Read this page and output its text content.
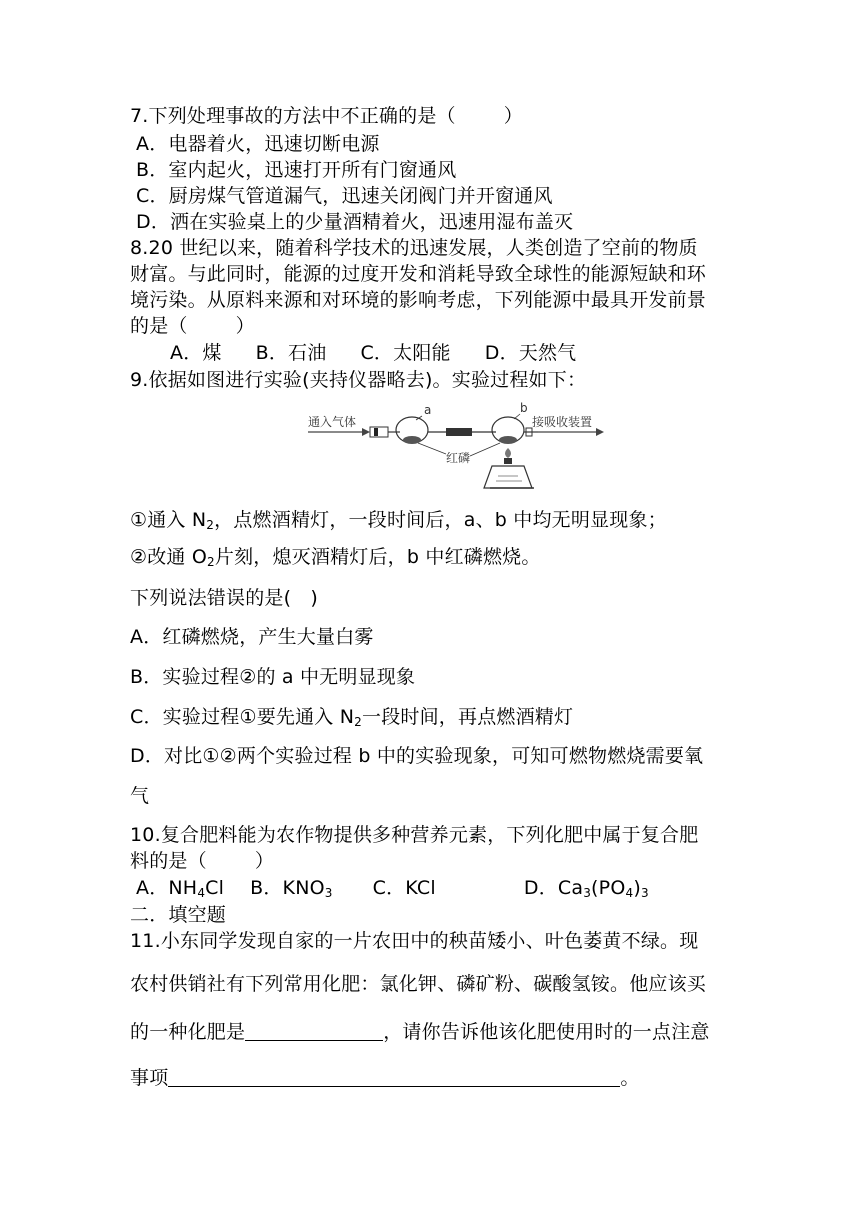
7.下列处理事故的方法中不正确的是（	）
A．电器着火，迅速切断电源
B．室内起火，迅速打开所有门窗通风
C．厨房煤气管道漏气，迅速关闭阀门并开窗通风
D．洒在实验桌上的少量酒精着火，迅速用湿布盖灭
8.20 世纪以来，随着科学技术的迅速发展，人类创造了空前的物质
财富。与此同时，能源的过度开发和消耗导致全球性的能源短缺和环
境污染。从原料来源和对环境的影响考虑，下列能源中最具开发前景
的是（	）
A．煤 B．石油 C．太阳能 D．天然气
9.依据如图进行实验(夹持仪器略去)。实验过程如下：
通入气体
a	b
接吸收装置
红磷
①通入 $N_2$，点燃酒精灯，一段时间后，a、b 中均无明显现象；
②改通 $O_2$片刻，熄灭酒精灯后，b 中红磷燃烧。
下列说法错误的是(　)
A．红磷燃烧，产生大量白雾
B．实验过程②的 a 中无明显现象
C．实验过程①要先通入 $N_2$一段时间，再点燃酒精灯
D．对比①②两个实验过程 b 中的实验现象，可知可燃物燃烧需要氧
气
10.复合肥料能为农作物提供多种营养元素，下列化肥中属于复合肥
料的是（	）
A．$NH_4Cl$ B．$KNO_3$ C．KCl	D．$Ca_3(PO_4)_3$
二．填空题
11.小东同学发现自家的一片农田中的秧苗矮小、叶色萎黄不绿。现
农村供销社有下列常用化肥：氯化钾、磷矿粉、碳酸氢铵。他应该买
的一种化肥是	，请你告诉他该化肥使用时的一点注意
事项	。
